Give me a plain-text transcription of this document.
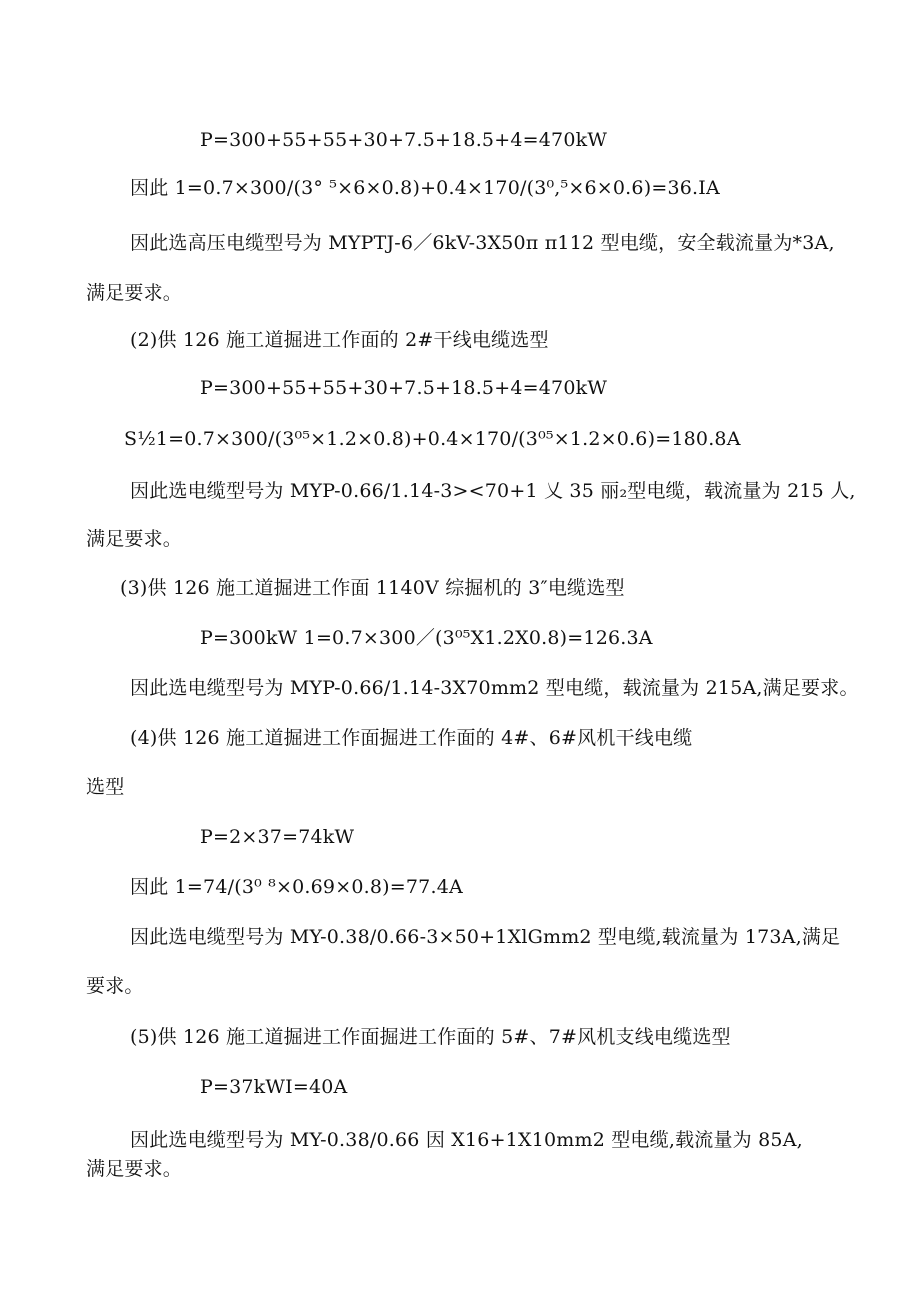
P=300+55+55+30+7.5+18.5+4=470kW
因此 1=0.7×300/(3° ⁵×6×0.8)+0.4×170/(3⁰,⁵×6×0.6)=36.IA
因此选高压电缆型号为 MYPTJ-6／6kV-3X50π π112 型电缆，安全载流量为*3A,
满足要求。
(2)供 126 施工道掘进工作面的 2#干线电缆选型
P=300+55+55+30+7.5+18.5+4=470kW
S½1=0.7×300/(3⁰⁵×1.2×0.8)+0.4×170/(3⁰⁵×1.2×0.6)=180.8A
因此选电缆型号为 MYP-0.66/1.14-3><70+1 乂 35 丽₂型电缆，载流量为 215 人,
满足要求。
(3)供 126 施工道掘进工作面 1140V 综掘机的 3″电缆选型
P=300kW 1=0.7×300／(3⁰⁵X1.2X0.8)=126.3A
因此选电缆型号为 MYP-0.66/1.14-3X70mm2 型电缆，载流量为 215A,满足要求。
(4)供 126 施工道掘进工作面掘进工作面的 4#、6#风机干线电缆
选型
P=2×37=74kW
因此 1=74/(3⁰ ⁸×0.69×0.8)=77.4A
因此选电缆型号为 MY-0.38/0.66-3×50+1XlGmm2 型电缆,载流量为 173A,满足
要求。
(5)供 126 施工道掘进工作面掘进工作面的 5#、7#风机支线电缆选型
P=37kWI=40A
因此选电缆型号为 MY-0.38/0.66 因 X16+1X10mm2 型电缆,载流量为 85A,
满足要求。
